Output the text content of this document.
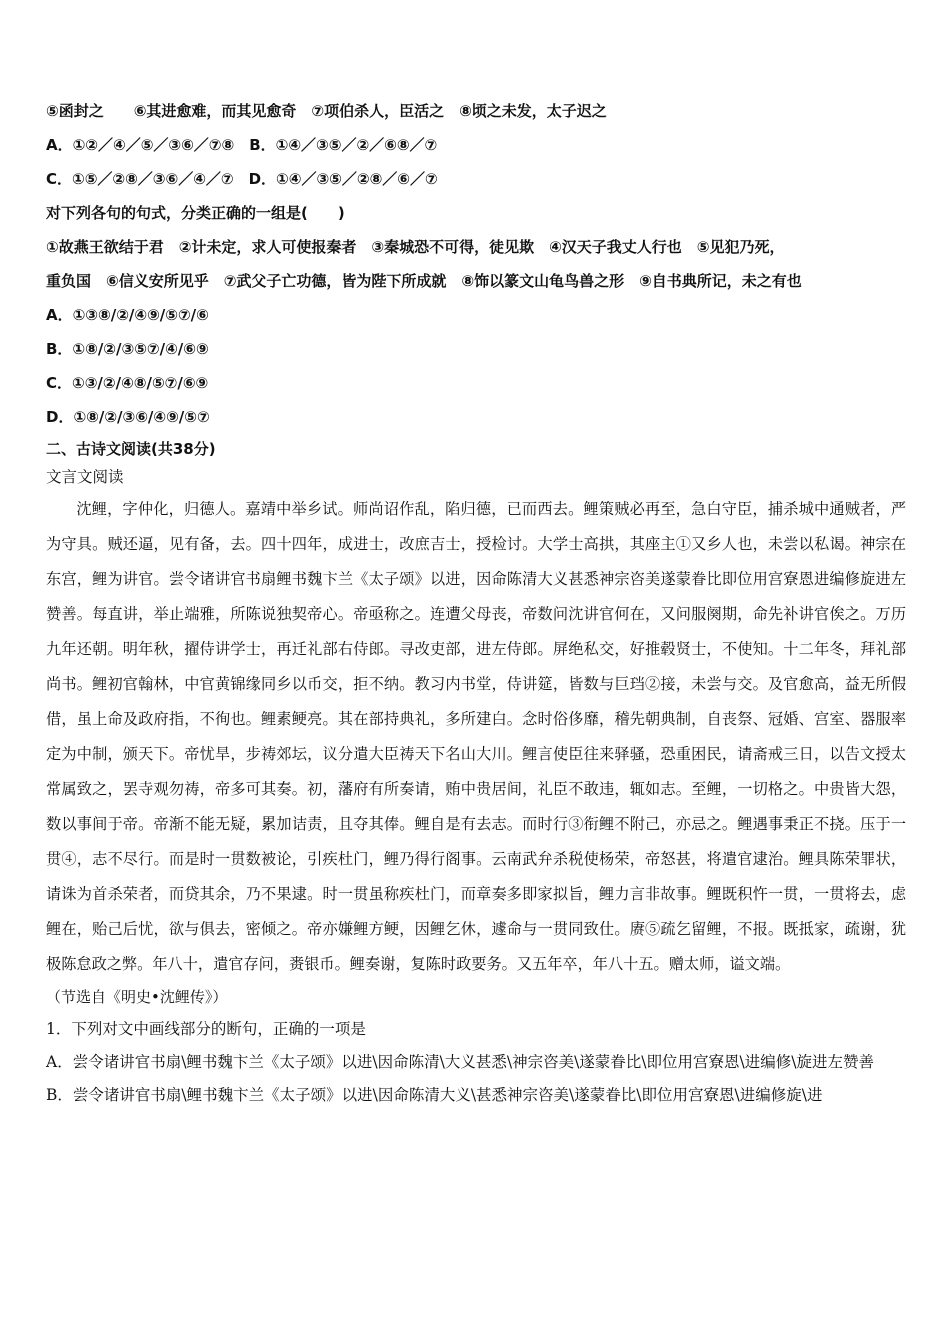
⑤函封之　　⑥其进愈难，而其见愈奇　⑦项伯杀人，臣活之　⑧顷之未发，太子迟之
A．①②／④／⑤／③⑥／⑦⑧　B．①④／③⑤／②／⑥⑧／⑦
C．①⑤／②⑧／③⑥／④／⑦　D．①④／③⑤／②⑧／⑥／⑦
对下列各句的句式，分类正确的一组是(　　)
①故燕王欲结于君　②计未定，求人可使报秦者　③秦城恐不可得，徒见欺　④汉天子我丈人行也　⑤见犯乃死，
重负国　⑥信义安所见乎　⑦武父子亡功德，皆为陛下所成就　⑧饰以篆文山龟鸟兽之形　⑨自书典所记，未之有也
A．①③⑧/②/④⑨/⑤⑦/⑥
B．①⑧/②/③⑤⑦/④/⑥⑨
C．①③/②/④⑧/⑤⑦/⑥⑨
D．①⑧/②/③⑥/④⑨/⑤⑦
二、古诗文阅读(共38分)
文言文阅读

沈鲤，字仲化，归德人。嘉靖中举乡试。师尚诏作乱，陷归德，已而西去。鲤策贼必再至，急白守臣，捕杀城中通贼者，严为守具。贼还逼，见有备，去。四十四年，成进士，改庶吉士，授检讨。大学士高拱，其座主①又乡人也，未尝以私谒。神宗在东宫，鲤为讲官。尝令诸讲官书扇鲤书魏卞兰《太子颂》以进，因命陈清大义甚悉神宗咨美遂蒙眷比即位用宫寮恩进编修旋进左赞善。每直讲，举止端雅，所陈说独契帝心。帝亟称之。连遭父母丧，帝数问沈讲官何在，又问服阕期，命先补讲官俟之。万历九年还朝。明年秋，擢侍讲学士，再迁礼部右侍郎。寻改吏部，进左侍郎。屏绝私交，好推毂贤士，不使知。十二年冬，拜礼部尚书。鲤初官翰林，中官黄锦缘同乡以币交，拒不纳。教习内书堂，侍讲筵，皆数与巨珰②接，未尝与交。及官愈高，益无所假借，虽上命及政府指，不徇也。鲤素鲠亮。其在部持典礼，多所建白。念时俗侈靡，稽先朝典制，自丧祭、冠婚、宫室、器服率定为中制，颁天下。帝忧旱，步祷郊坛，议分遣大臣祷天下名山大川。鲤言使臣往来驿骚，恐重困民，请斋戒三日，以告文授太常属致之，罢寺观勿祷，帝多可其奏。初，藩府有所奏请，贿中贵居间，礼臣不敢违，辄如志。至鲤，一切格之。中贵皆大怨，数以事间于帝。帝渐不能无疑，累加诘责，且夺其俸。鲤自是有去志。而时行③衔鲤不附己，亦忌之。鲤遇事秉正不挠。压于一贯④，志不尽行。而是时一贯数被论，引疾杜门，鲤乃得行阁事。云南武弁杀税使杨荣，帝怒甚，将遣官逮治。鲤具陈荣罪状，请诛为首杀荣者，而贷其余，乃不果逮。时一贯虽称疾杜门，而章奏多即家拟旨，鲤力言非故事。鲤既积忤一贯，一贯将去，虑鲤在，贻己后忧，欲与俱去，密倾之。帝亦嫌鲤方鲠，因鲤乞休，遽命与一贯同致仕。赓⑤疏乞留鲤，不报。既抵家，疏谢，犹极陈怠政之弊。年八十，遣官存问，赉银币。鲤奏谢，复陈时政要务。又五年卒，年八十五。赠太师，谥文端。

（节选自《明史•沈鲤传》）
1．下列对文中画线部分的断句，正确的一项是
A．尝令诸讲官书扇\鲤书魏卞兰《太子颂》以进\因命陈清\大义甚悉\神宗咨美\遂蒙眷比\即位用宫寮恩\进编修\旋进左赞善
B．尝令诸讲官书扇\鲤书魏卞兰《太子颂》以进\因命陈清大义\甚悉神宗咨美\遂蒙眷比\即位用宫寮恩\进编修旋\进
